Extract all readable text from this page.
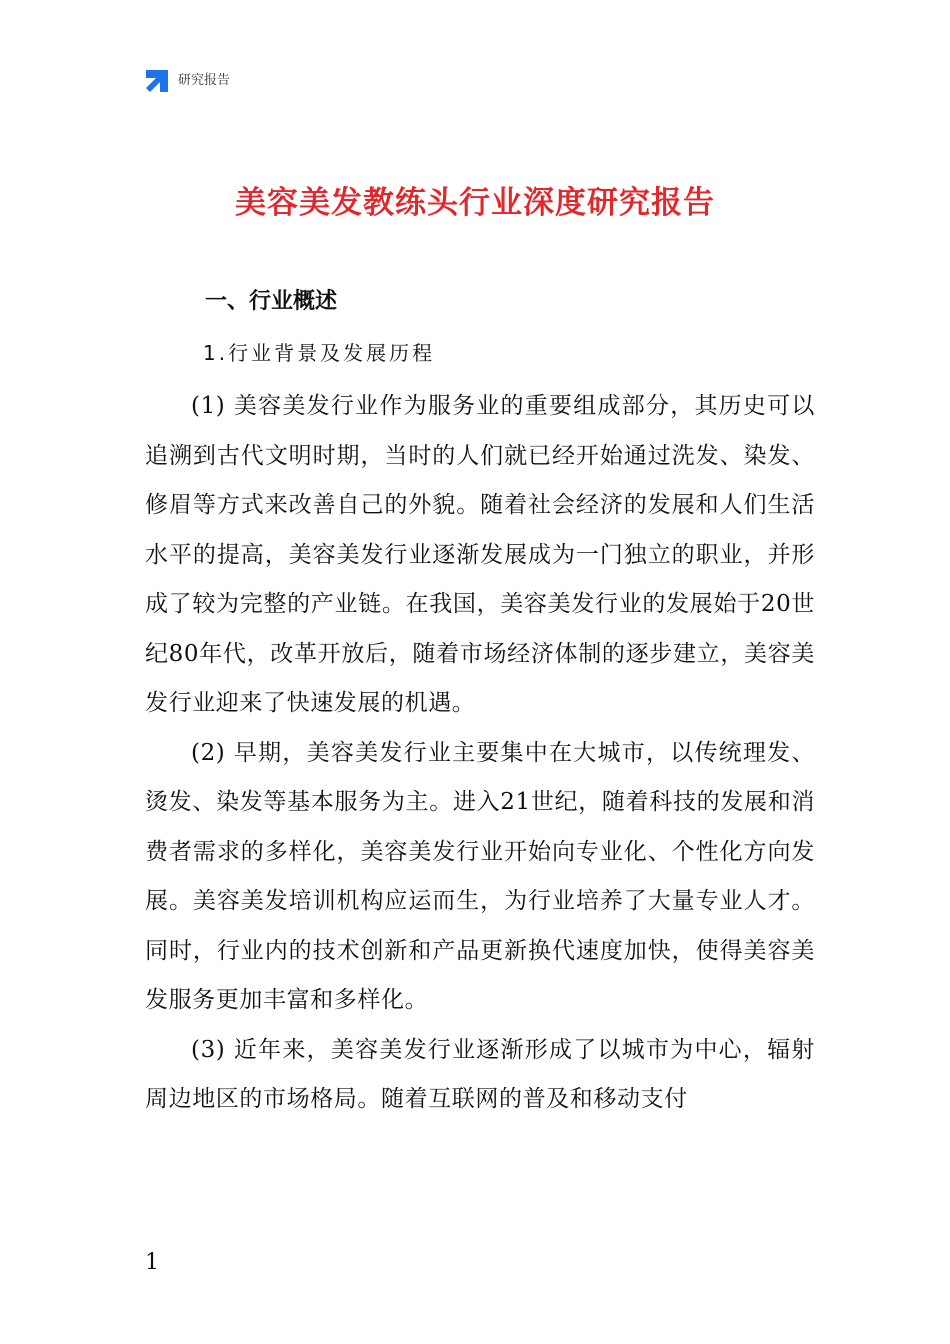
研究报告
美容美发教练头行业深度研究报告
一、行业概述
1.行业背景及发展历程

(1) 美容美发行业作为服务业的重要组成部分，其历史可以追溯到古代文明时期，当时的人们就已经开始通过洗发、染发、修眉等方式来改善自己的外貌。随着社会经济的发展和人们生活水平的提高，美容美发行业逐渐发展成为一门独立的职业，并形成了较为完整的产业链。在我国，美容美发行业的发展始于20世纪80年代，改革开放后，随着市场经济体制的逐步建立，美容美发行业迎来了快速发展的机遇。

(2) 早期，美容美发行业主要集中在大城市，以传统理发、烫发、染发等基本服务为主。进入21世纪，随着科技的发展和消费者需求的多样化，美容美发行业开始向专业化、个性化方向发展。美容美发培训机构应运而生，为行业培养了大量专业人才。同时，行业内的技术创新和产品更新换代速度加快，使得美容美发服务更加丰富和多样化。

(3) 近年来，美容美发行业逐渐形成了以城市为中心，辐射周边地区的市场格局。随着互联网的普及和移动支付

1
